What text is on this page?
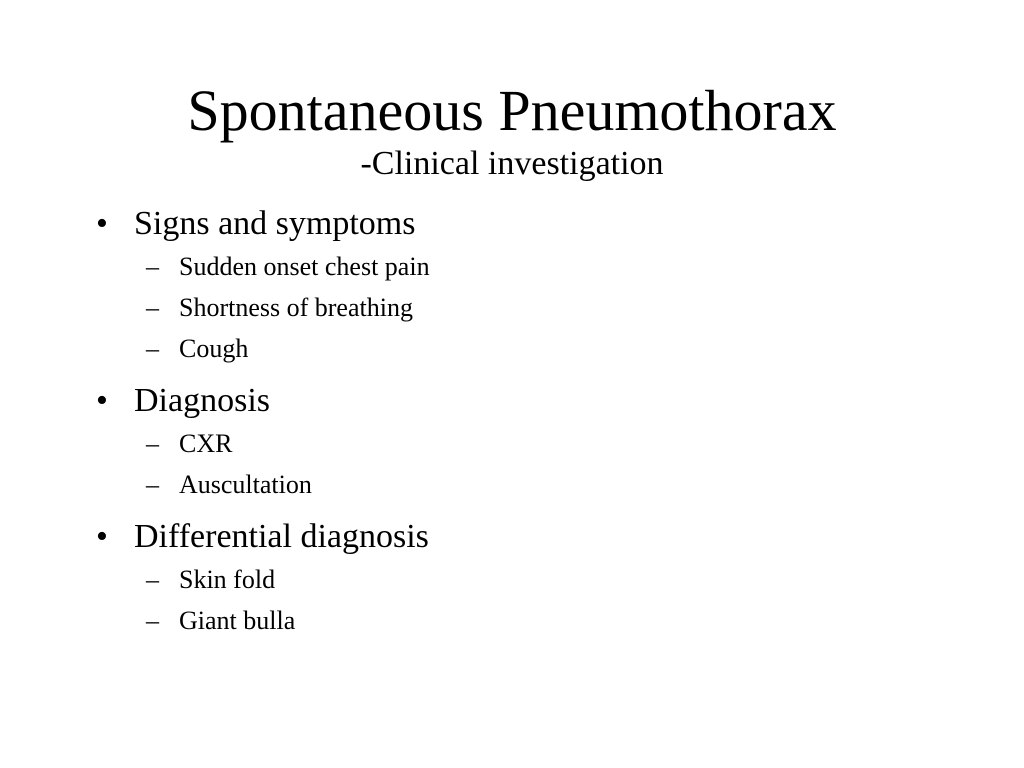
Spontaneous Pneumothorax
-Clinical investigation
• Signs and symptoms
– Sudden onset chest pain
– Shortness of breathing
– Cough
• Diagnosis
– CXR
– Auscultation
• Differential diagnosis
– Skin fold
– Giant bulla
